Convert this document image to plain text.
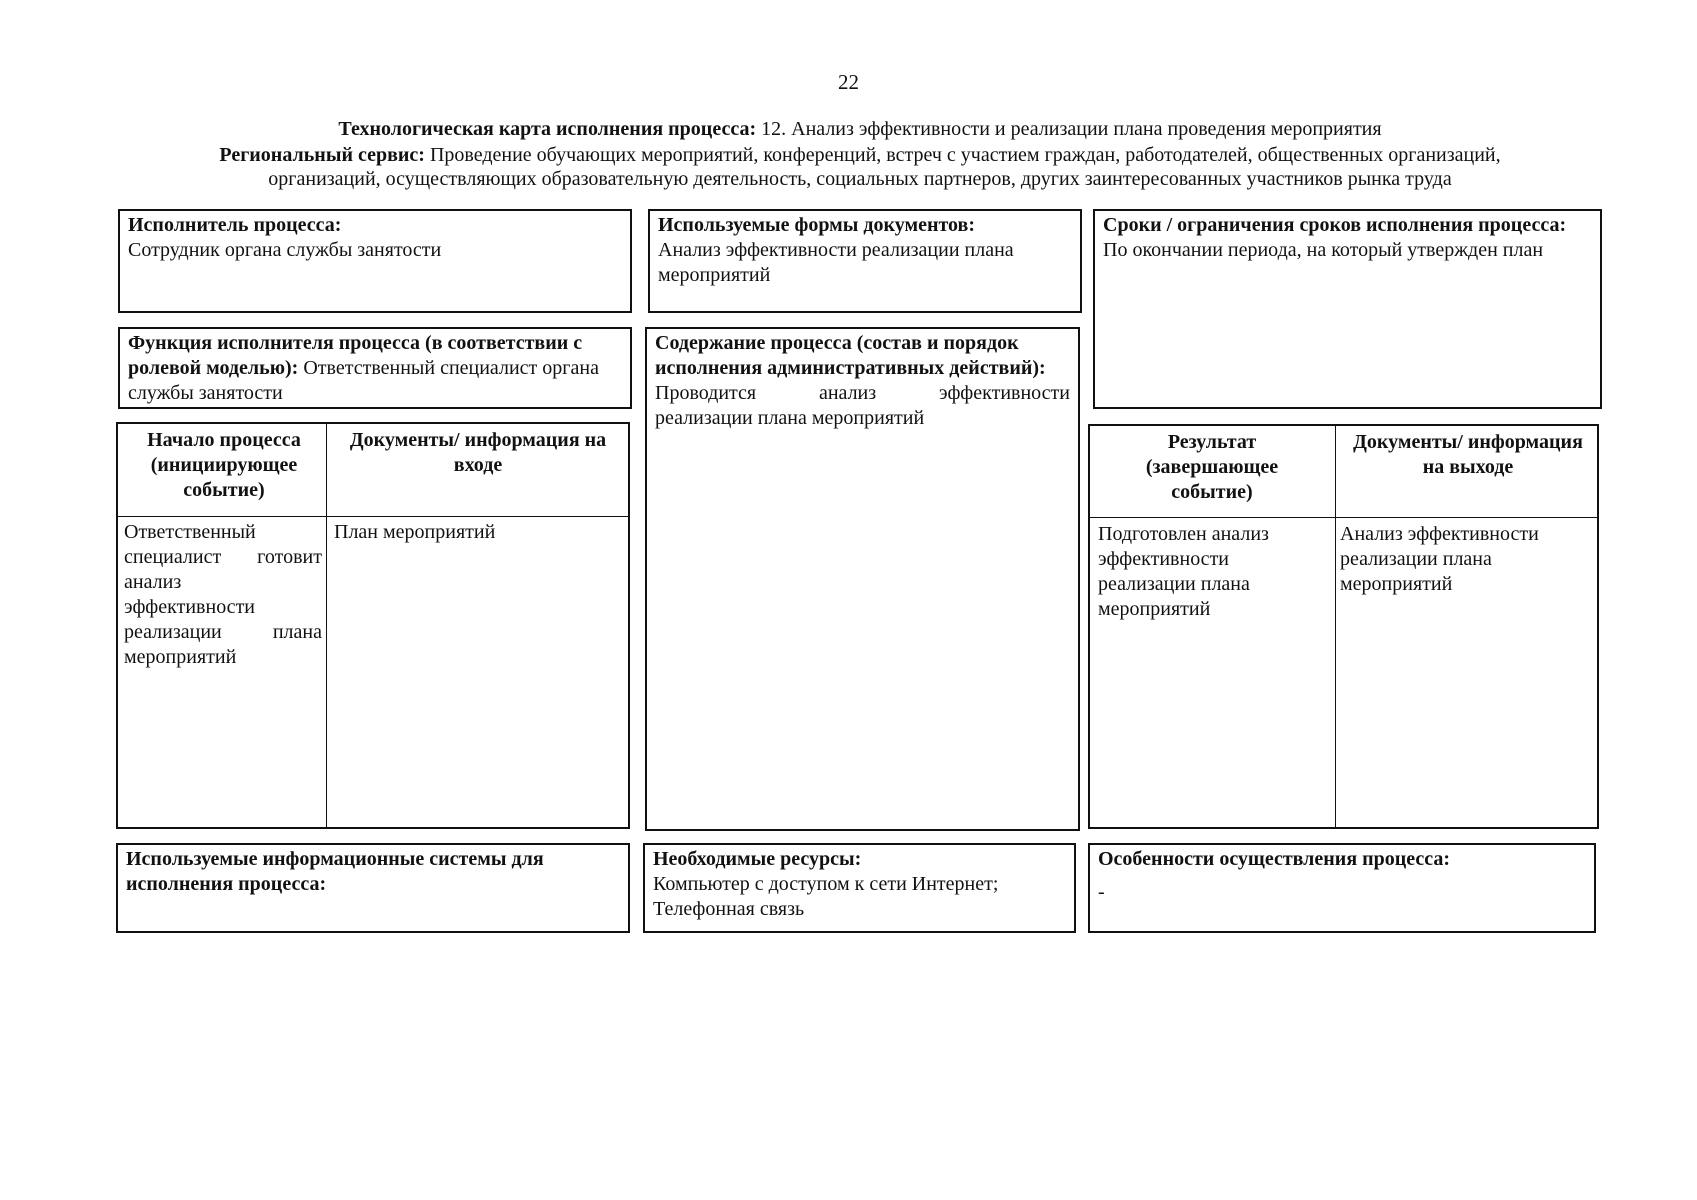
22
Технологическая карта исполнения процесса: 12. Анализ эффективности и реализации плана проведения мероприятия
Региональный сервис: Проведение обучающих мероприятий, конференций, встреч с участием граждан, работодателей, общественных организаций,
организаций, осуществляющих образовательную деятельность, социальных партнеров, других заинтересованных участников рынка труда
Исполнитель процесса:
Сотрудник органа службы занятости
Используемые формы документов:
Анализ эффективности реализации плана мероприятий
Сроки / ограничения сроков исполнения процесса:
По окончании периода, на который утвержден план
Функция исполнителя процесса (в соответствии с ролевой моделью): Ответственный специалист органа службы занятости
Содержание процесса (состав и порядок исполнения административных действий):
Проводится анализ эффективности
реализации плана мероприятий
Начало процесса (инициирующее событие)
Документы/ информация на входе
Ответственный
специалист готовит
анализ
эффективности
реализации плана
мероприятий
План мероприятий
Результат (завершающее событие)
Документы/ информация на выходе
Подготовлен анализ эффективности реализации плана мероприятий
Анализ эффективности реализации плана мероприятий
Используемые информационные системы для исполнения процесса:
Необходимые ресурсы:
Компьютер с доступом к сети Интернет;
Телефонная связь
Особенности осуществления процесса:
-
